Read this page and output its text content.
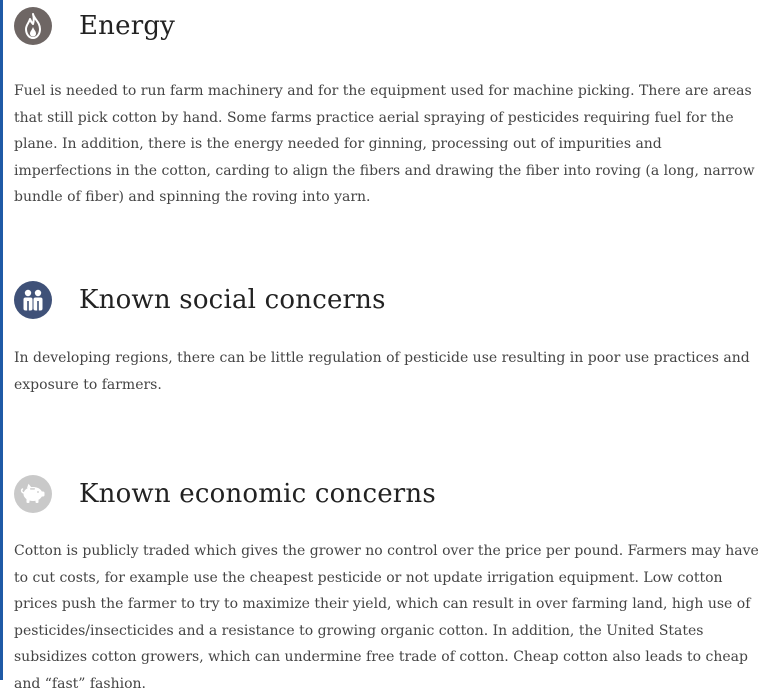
Energy

Fuel is needed to run farm machinery and for the equipment used for machine picking. There are areas that still pick cotton by hand. Some farms practice aerial spraying of pesticides requiring fuel for the plane. In addition, there is the energy needed for ginning, processing out of impurities and imperfections in the cotton, carding to align the fibers and drawing the fiber into roving (a long, narrow bundle of fiber) and spinning the roving into yarn.

Known social concerns

In developing regions, there can be little regulation of pesticide use resulting in poor use practices and exposure to farmers.

Known economic concerns

Cotton is publicly traded which gives the grower no control over the price per pound. Farmers may have to cut costs, for example use the cheapest pesticide or not update irrigation equipment. Low cotton prices push the farmer to try to maximize their yield, which can result in over farming land, high use of pesticides/insecticides and a resistance to growing organic cotton. In addition, the United States subsidizes cotton growers, which can undermine free trade of cotton. Cheap cotton also leads to cheap and “fast” fashion.
